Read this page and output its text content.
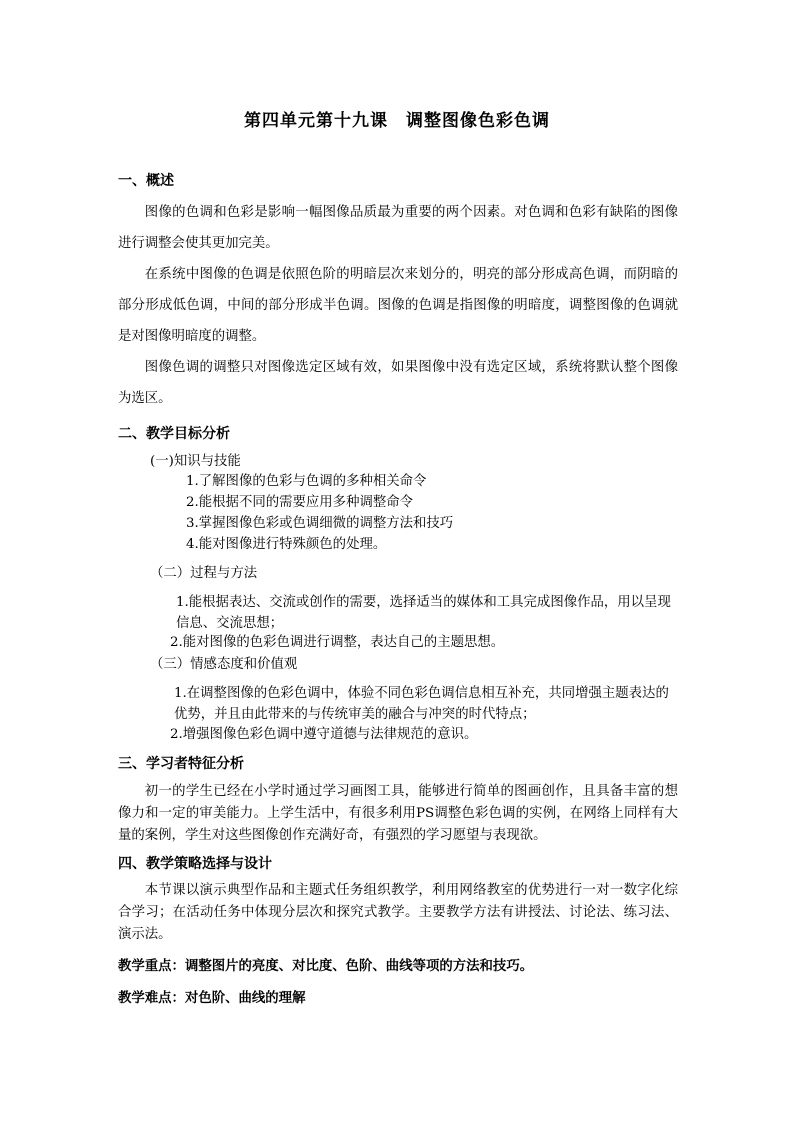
第四单元第十九课 调整图像色彩色调
一、概述
图像的色调和色彩是影响一幅图像品质最为重要的两个因素。对色调和色彩有缺陷的图像进行调整会使其更加完美。
在系统中图像的色调是依照色阶的明暗层次来划分的，明亮的部分形成高色调，而阴暗的部分形成低色调，中间的部分形成半色调。图像的色调是指图像的明暗度，调整图像的色调就是对图像明暗度的调整。
图像色调的调整只对图像选定区域有效，如果图像中没有选定区域，系统将默认整个图像为选区。
二、教学目标分析
(一)知识与技能
1.了解图像的色彩与色调的多种相关命令
2.能根据不同的需要应用多种调整命令
3.掌握图像色彩或色调细微的调整方法和技巧
4.能对图像进行特殊颜色的处理。
（二）过程与方法
1.能根据表达、交流或创作的需要，选择适当的媒体和工具完成图像作品，用以呈现信息、交流思想；
2.能对图像的色彩色调进行调整，表达自己的主题思想。
（三）情感态度和价值观
1.在调整图像的色彩色调中，体验不同色彩色调信息相互补充，共同增强主题表达的优势，并且由此带来的与传统审美的融合与冲突的时代特点；
2.增强图像色彩色调中遵守道德与法律规范的意识。
三、学习者特征分析
初一的学生已经在小学时通过学习画图工具，能够进行简单的图画创作，且具备丰富的想像力和一定的审美能力。上学生活中，有很多利用PS调整色彩色调的实例，在网络上同样有大量的案例，学生对这些图像创作充满好奇，有强烈的学习愿望与表现欲。
四、教学策略选择与设计
本节课以演示典型作品和主题式任务组织教学，利用网络教室的优势进行一对一数字化综合学习；在活动任务中体现分层次和探究式教学。主要教学方法有讲授法、讨论法、练习法、演示法。
教学重点：调整图片的亮度、对比度、色阶、曲线等项的方法和技巧。
教学难点：对色阶、曲线的理解
